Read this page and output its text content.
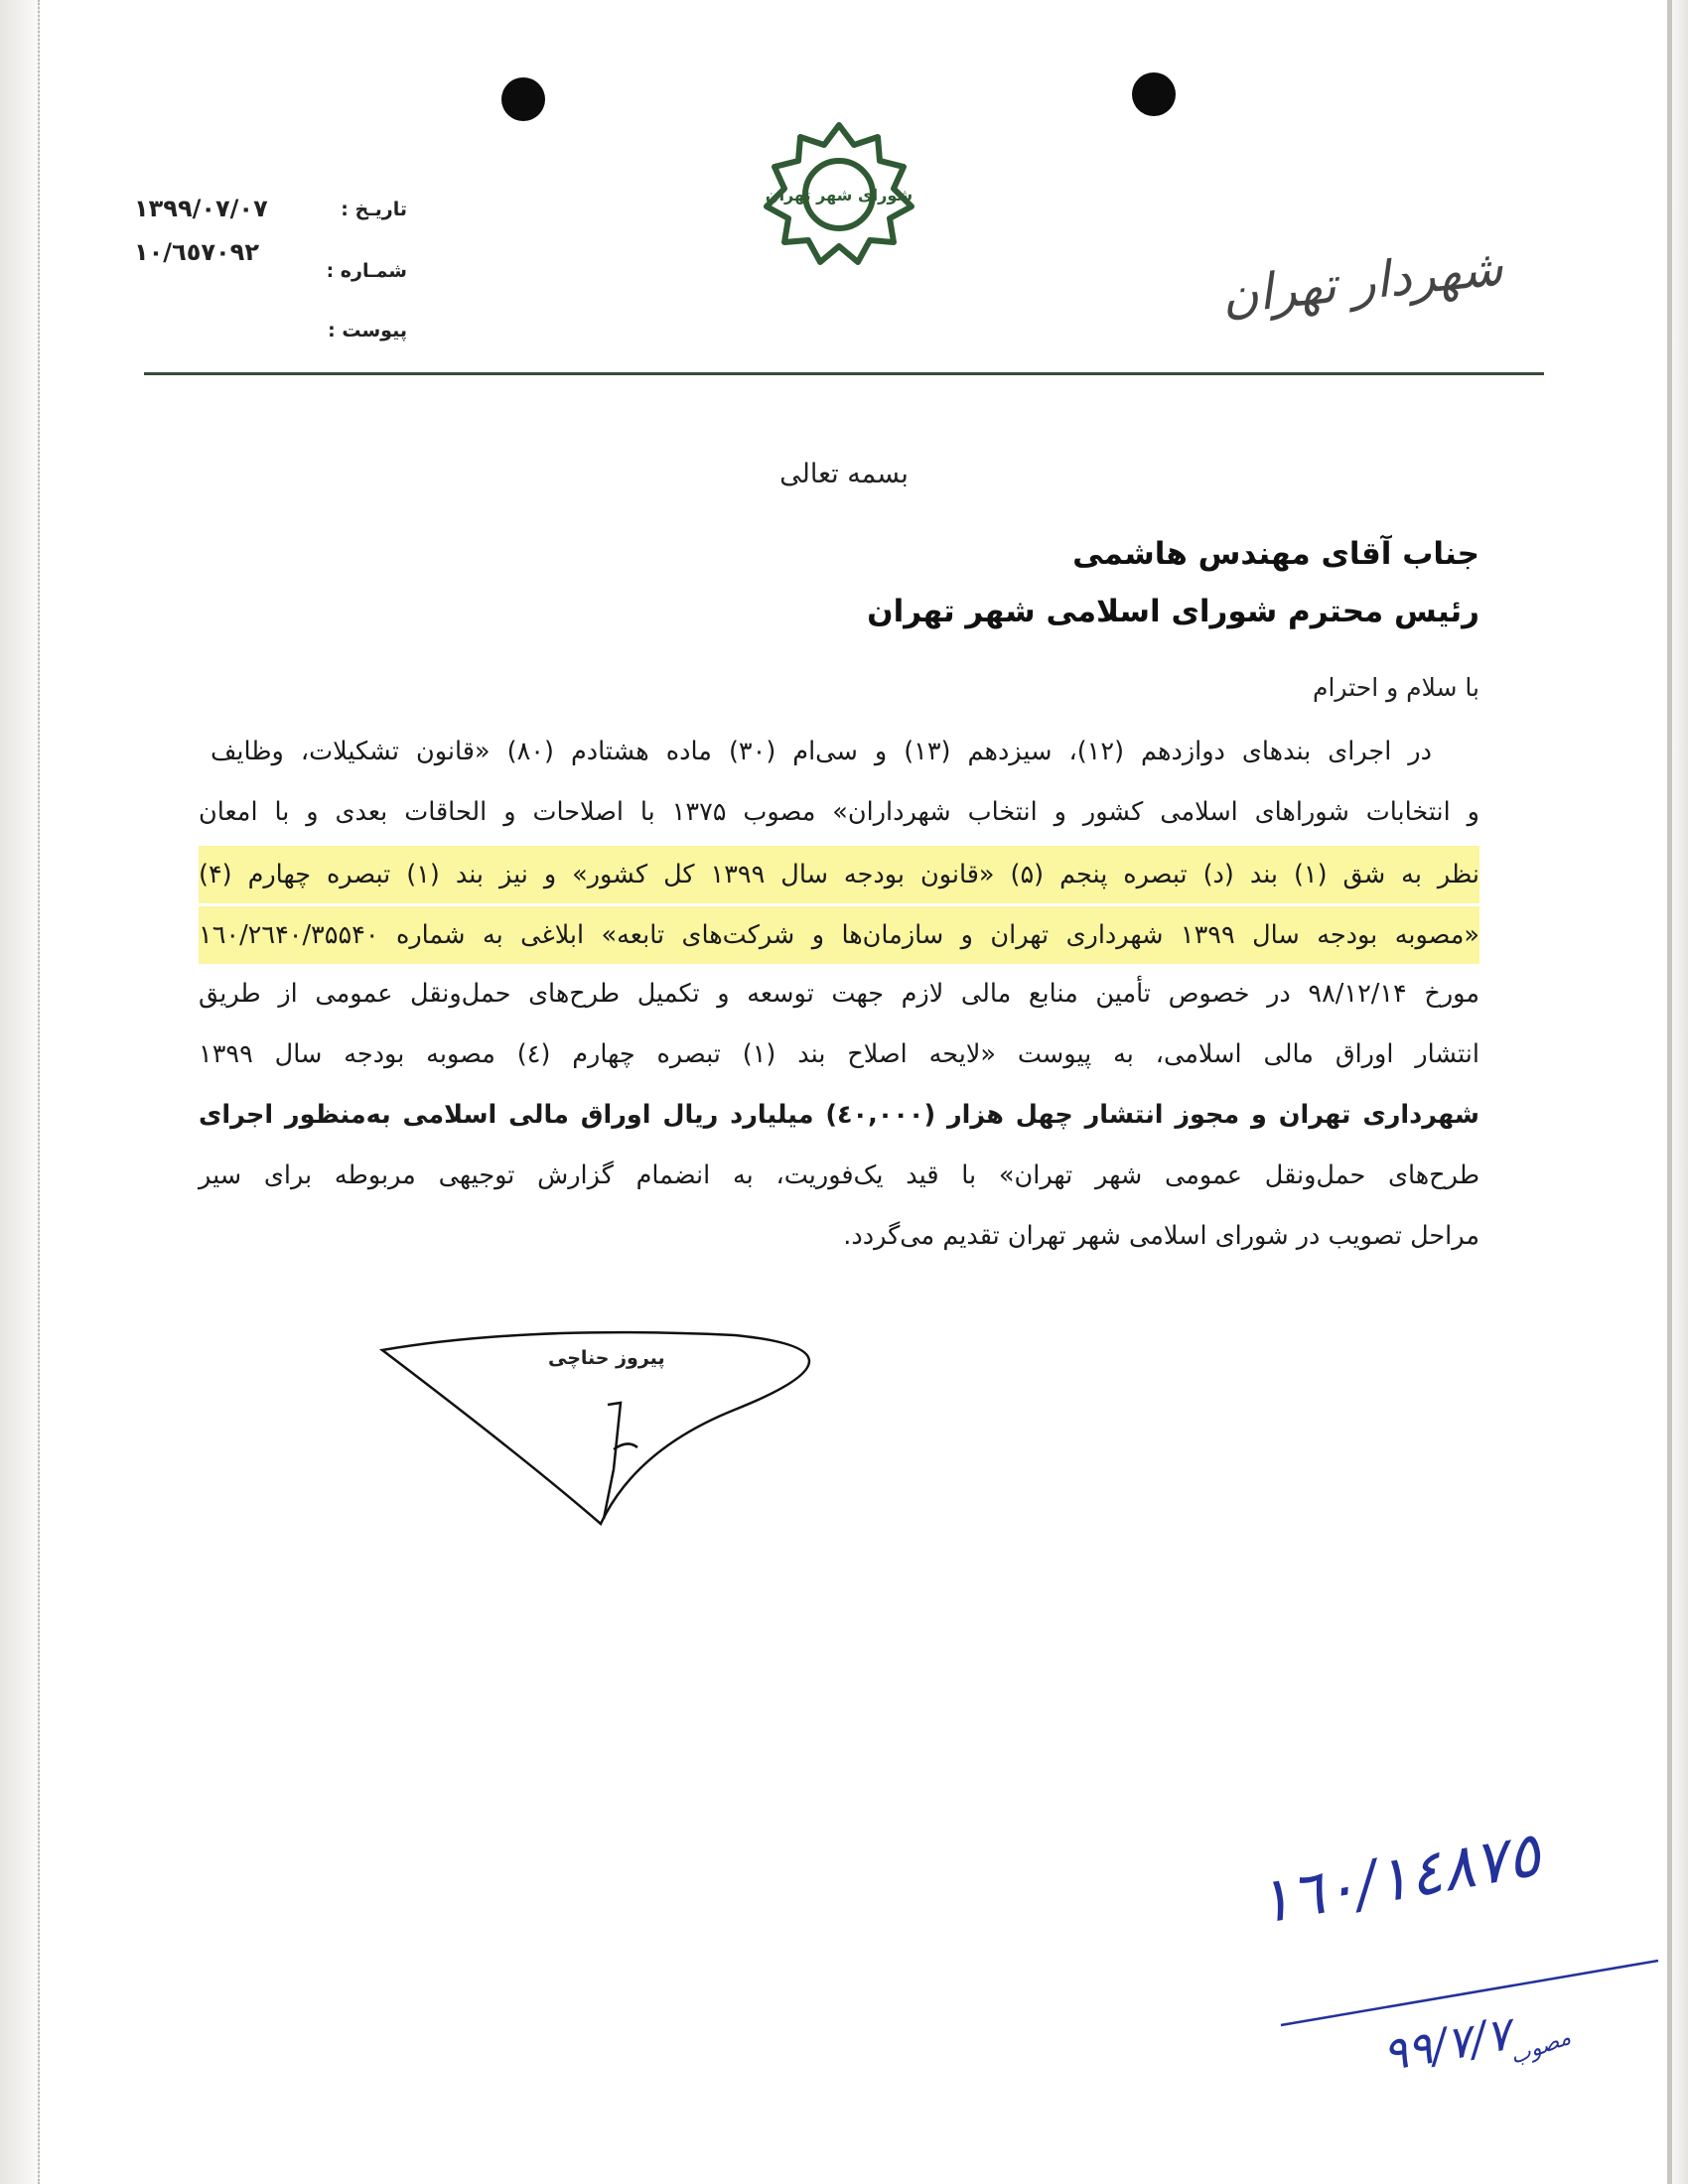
تاریـخ :
۱۳۹۹/۰۷/۰۷
شمـاره :
۱۰/٦٥٧۰۹۲
پیوست :
شورای شهر تهران
شهردار تهران
بسمه تعالی
جناب آقای مهندس هاشمی
رئیس محترم شورای اسلامی شهر تهران
با سلام و احترام
در اجرای بندهای دوازدهم (۱۲)، سیزدهم (۱۳) و سی‌ام (۳۰) ماده هشتادم (۸۰) «قانون تشکیلات، وظایف
و انتخابات شوراهای اسلامی کشور و انتخاب شهرداران» مصوب ۱۳۷۵ با اصلاحات و الحاقات بعدی و با امعان
نظر به شق (۱) بند (د) تبصره پنجم (۵) «قانون بودجه سال ۱۳۹۹ کل کشور» و نیز بند (۱) تبصره چهارم (۴)
«مصوبه بودجه سال ۱۳۹۹ شهرداری تهران و سازمان‌ها و شرکت‌های تابعه» ابلاغی به شماره ۱٦۰/۲٦۴۰/۳۵۵۴۰
مورخ ۹۸/۱۲/۱۴ در خصوص تأمین منابع مالی لازم جهت توسعه و تکمیل طرح‌های حمل‌ونقل عمومی از طریق
انتشار اوراق مالی اسلامی، به پیوست «لایحه اصلاح بند (۱) تبصره چهارم (٤) مصوبه بودجه سال ۱۳۹۹
شهرداری تهران و مجوز انتشار چهل هزار (٤۰,۰۰۰) میلیارد ریال اوراق مالی اسلامی به‌منظور اجرای
طرح‌های حمل‌ونقل عمومی شهر تهران» با قید یک‌فوریت، به انضمام گزارش توجیهی مربوطه برای سیر
مراحل تصویب در شورای اسلامی شهر تهران تقدیم می‌گردد.
پیروز حناچی
۱٦۰/۱٤۸۷٥
۹۹/۷/۷
مصوب
